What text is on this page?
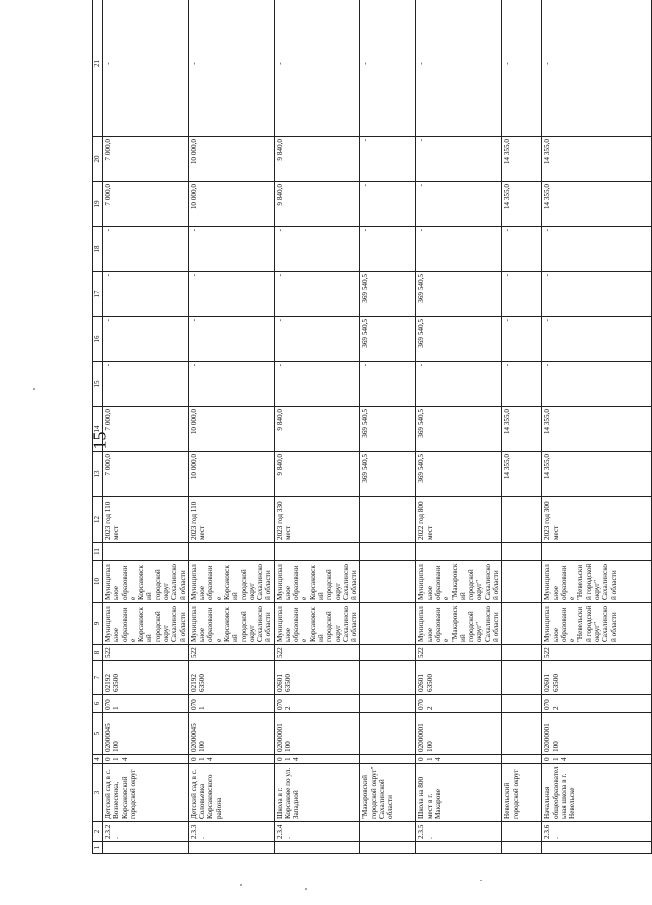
15
1	2	3	4	5	6	7	8	9	10	11	12	13	14	15	16	17	18	19	20	21
	2.3.2.	Детский сад в с. Вознесенка, Корсаковский городской округ	0 1 4	02000045 100	070 1	02192 63500	522	Муниципальное образование Корсаковский городской округ Сахалинской области	Муниципальное образование Корсаковский городской округ Сахалинской области		2023 год 110 мест	7 000,0	7 000,0	-	-	-	-	7 000,0	7 000,0	-
	2.3.3.	Детский сад в с. Соловьевка Корсаковского района	0 1 4	02000045 100	070 1	02192 63500	522	Муниципальное образование Корсаковский городской округ Сахалинской области	Муниципальное образование Корсаковский городской округ Сахалинской области		2023 год 110 мест	10 000,0	10 000,0	-	-	-	-	10 000,0	10 000,0	-
	2.3.4.	Школа в г. Корсакове по ул. Западной	0 1 4	02000001 100	070 2	02601 63500	522	Муниципальное образование Корсаковский городской округ Сахалинской области	Муниципальное образование Корсаковский городской округ Сахалинской области		2023 год 330 мест	9 840,0	9 840,0	-	-	-	-	9 840,0	9 840,0	-
		"Макаровский городской округ" Сахалинской области										369 540,5	369 540,5	-	369 540,5	369 540,5	-	-	-	-
	2.3.5.	Школа на 800 мест в г. Макарове	0 1 4	02000001 100	070 2	02601 63500	522	Муниципальное образование "Макаровский городской округ" Сахалинской области	Муниципальное образование "Макаровский городской округ" Сахалинской области		2022 год 800 мест	369 540,5	369 540,5	-	369 540,5	369 540,5	-	-	-	-
		Невельский городской округ										14 355,0	14 355,0	-	-	-	-	14 355,0	14 355,0	-
	2.3.6.	Начальная общеобразовательная школа в г. Невельске	0 1 4	02000001 100	070 2	02601 63500	522	Муниципальное образование "Невельский городской округ" Сахалинской области	Муниципальное образование "Невельский городской округ" Сахалинской области		2023 год 300 мест	14 355,0	14 355,0	-	-	-	-	14 355,0	14 355,0	-
